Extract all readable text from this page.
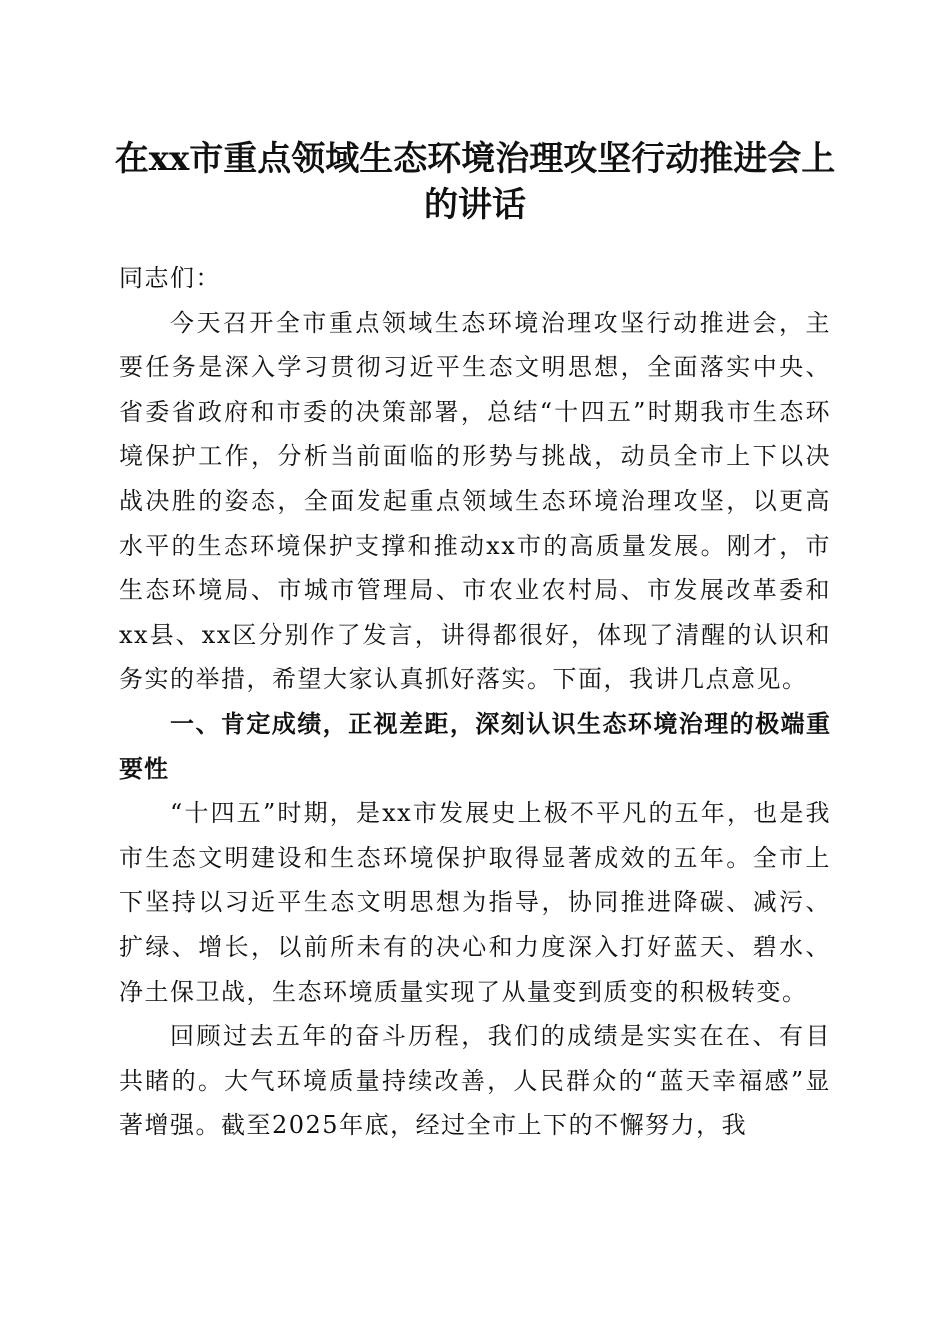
在xx市重点领域生态环境治理攻坚行动推进会上的讲话

同志们：

今天召开全市重点领域生态环境治理攻坚行动推进会，主要任务是深入学习贯彻习近平生态文明思想，全面落实中央、省委省政府和市委的决策部署，总结“十四五”时期我市生态环境保护工作，分析当前面临的形势与挑战，动员全市上下以决战决胜的姿态，全面发起重点领域生态环境治理攻坚，以更高水平的生态环境保护支撑和推动xx市的高质量发展。刚才，市生态环境局、市城市管理局、市农业农村局、市发展改革委和xx县、xx区分别作了发言，讲得都很好，体现了清醒的认识和务实的举措，希望大家认真抓好落实。下面，我讲几点意见。

一、肯定成绩，正视差距，深刻认识生态环境治理的极端重要性

“十四五”时期，是xx市发展史上极不平凡的五年，也是我市生态文明建设和生态环境保护取得显著成效的五年。全市上下坚持以习近平生态文明思想为指导，协同推进降碳、减污、扩绿、增长，以前所未有的决心和力度深入打好蓝天、碧水、净土保卫战，生态环境质量实现了从量变到质变的积极转变。

回顾过去五年的奋斗历程，我们的成绩是实实在在、有目共睹的。大气环境质量持续改善，人民群众的“蓝天幸福感”显著增强。截至2025年底，经过全市上下的不懈努力，我
